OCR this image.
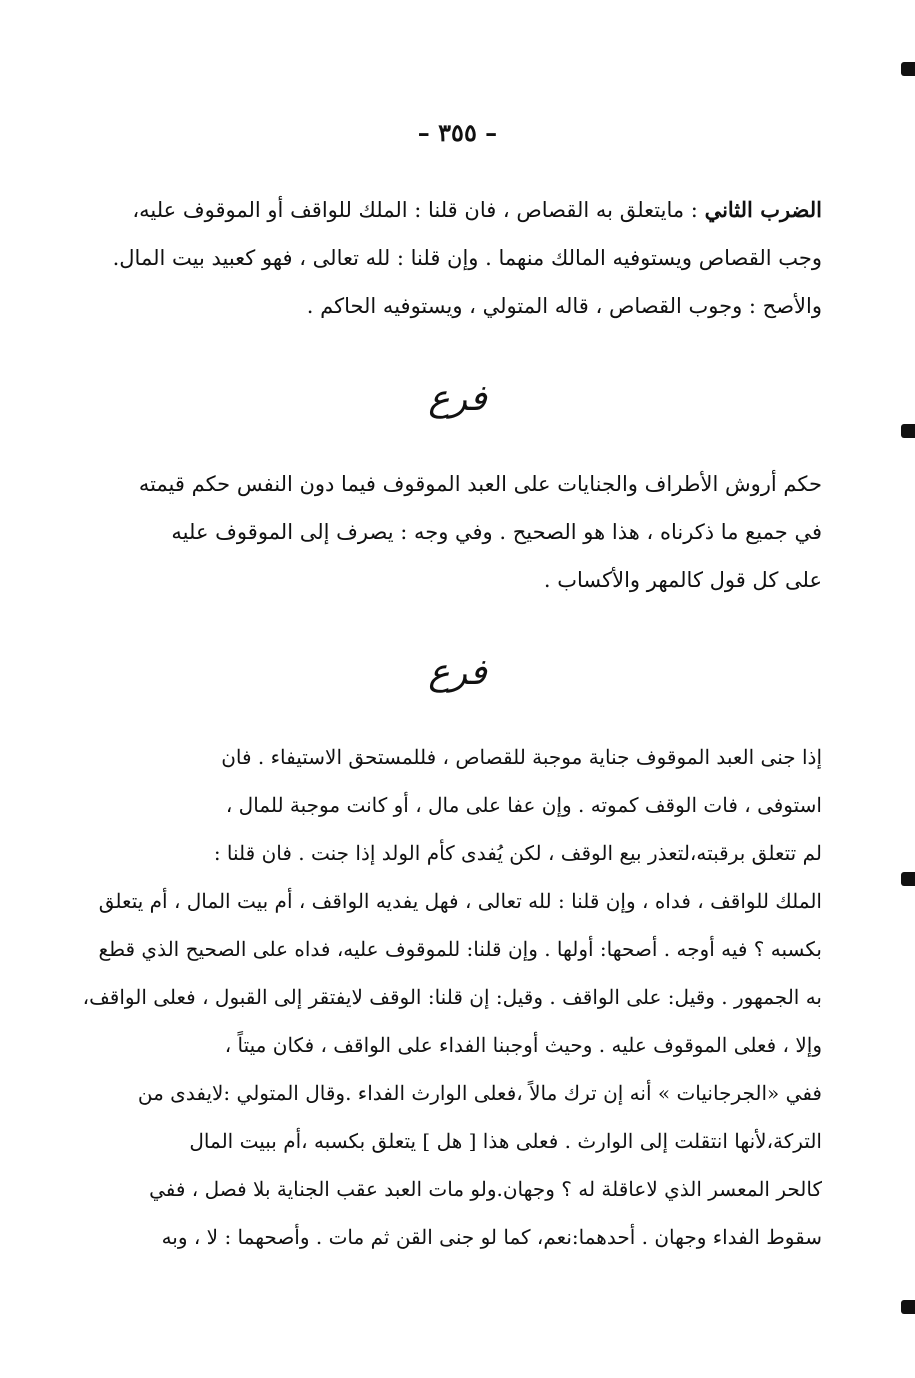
– ٣٥٥ –
الضرب الثاني : مايتعلق به القصاص ، فان قلنا : الملك للواقف أو الموقوف عليه،
وجب القصاص ويستوفيه المالك منهما . وإن قلنا : لله تعالى ، فهو كعبيد بيت المال.
والأصح : وجوب القصاص ، قاله المتولي ، ويستوفيه الحاكم .
فرع
حكم أروش الأطراف والجنايات على العبد الموقوف فيما دون النفس حكم قيمته
في جميع ما ذكرناه ، هذا هو الصحيح . وفي وجه : يصرف إلى الموقوف عليه
على كل قول كالمهر والأكساب .
فرع
إذا جنى العبد الموقوف جناية موجبة للقصاص ، فللمستحق الاستيفاء . فان
استوفى ، فات الوقف كموته . وإن عفا على مال ، أو كانت موجبة للمال ،
لم تتعلق برقبته،لتعذر بيع الوقف ، لكن يُفدى كأم الولد إذا جنت . فان قلنا :
الملك للواقف ، فداه ، وإن قلنا : لله تعالى ، فهل يفديه الواقف ، أم بيت المال ، أم يتعلق
بكسبه ؟ فيه أوجه . أصحها: أولها . وإن قلنا: للموقوف عليه، فداه على الصحيح الذي قطع
به الجمهور . وقيل: على الواقف . وقيل: إن قلنا: الوقف لايفتقر إلى القبول ، فعلى الواقف،
وإلا ، فعلى الموقوف عليه . وحيث أوجبنا الفداء على الواقف ، فكان ميتاً ،
ففي «الجرجانيات » أنه إن ترك مالاً ،فعلى الوارث الفداء .وقال المتولي :لايفدى من
التركة،لأنها انتقلت إلى الوارث . فعلى هذا [ هل ] يتعلق بكسبه ،أم ببيت المال
كالحر المعسر الذي لاعاقلة له ؟ وجهان.ولو مات العبد عقب الجناية بلا فصل ، ففي
سقوط الفداء وجهان . أحدهما:نعم، كما لو جنى القن ثم مات . وأصحهما : لا ، وبه
